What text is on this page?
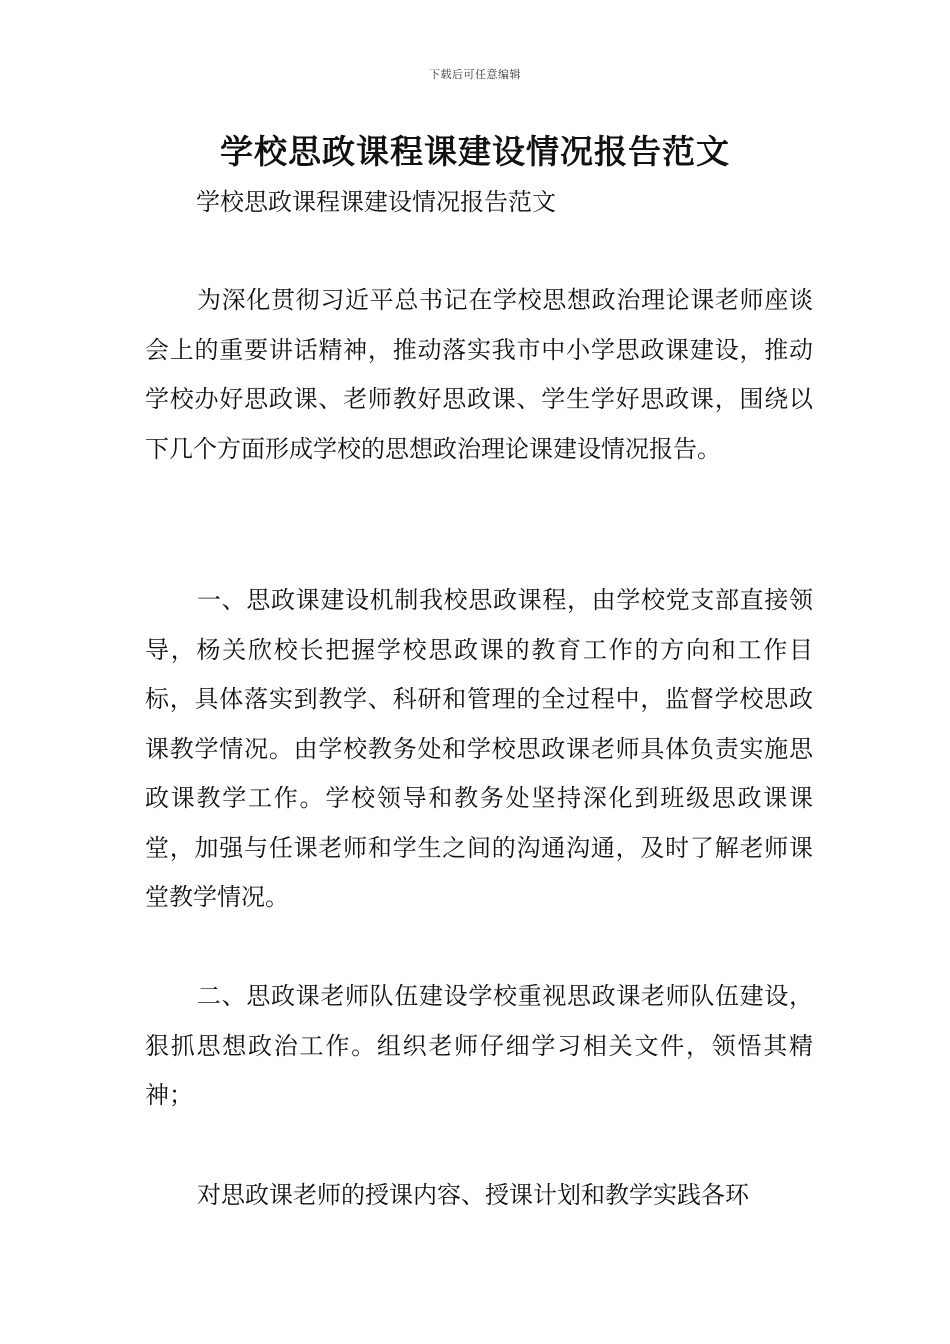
下载后可任意编辑
学校思政课程课建设情况报告范文

学校思政课程课建设情况报告范文

为深化贯彻习近平总书记在学校思想政治理论课老师座谈会上的重要讲话精神，推动落实我市中小学思政课建设，推动学校办好思政课、老师教好思政课、学生学好思政课，围绕以下几个方面形成学校的思想政治理论课建设情况报告。

一、思政课建设机制我校思政课程，由学校党支部直接领导，杨关欣校长把握学校思政课的教育工作的方向和工作目标，具体落实到教学、科研和管理的全过程中，监督学校思政课教学情况。由学校教务处和学校思政课老师具体负责实施思政课教学工作。学校领导和教务处坚持深化到班级思政课课堂，加强与任课老师和学生之间的沟通沟通，及时了解老师课堂教学情况。

二、思政课老师队伍建设学校重视思政课老师队伍建设，狠抓思想政治工作。组织老师仔细学习相关文件，领悟其精神；

对思政课老师的授课内容、授课计划和教学实践各环
